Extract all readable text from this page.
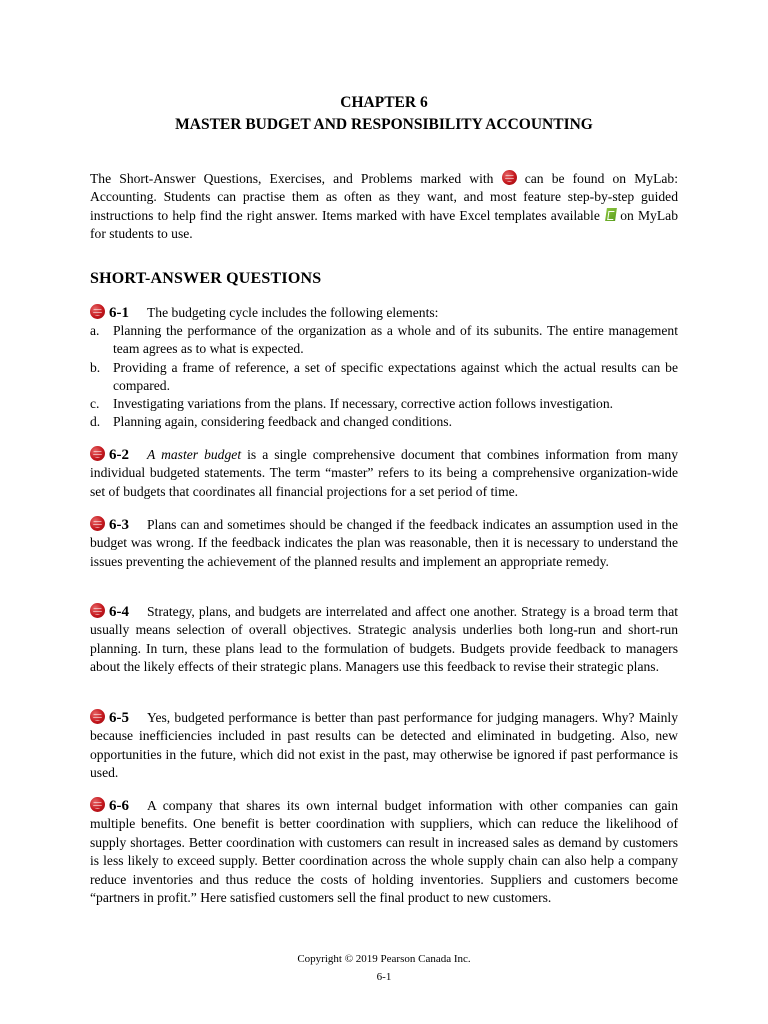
CHAPTER 6
MASTER BUDGET AND RESPONSIBILITY ACCOUNTING
The Short-Answer Questions, Exercises, and Problems marked with  can be found on MyLab: Accounting. Students can practise them as often as they want, and most feature step-by-step guided instructions to help find the right answer. Items marked with have Excel templates available  on MyLab for students to use.
SHORT-ANSWER QUESTIONS
6-1 The budgeting cycle includes the following elements:
a. Planning the performance of the organization as a whole and of its subunits. The entire management team agrees as to what is expected.
b. Providing a frame of reference, a set of specific expectations against which the actual results can be compared.
c. Investigating variations from the plans. If necessary, corrective action follows investigation.
d. Planning again, considering feedback and changed conditions.
6-2 A master budget is a single comprehensive document that combines information from many individual budgeted statements. The term “master” refers to its being a comprehensive organization-wide set of budgets that coordinates all financial projections for a set period of time.
6-3 Plans can and sometimes should be changed if the feedback indicates an assumption used in the budget was wrong. If the feedback indicates the plan was reasonable, then it is necessary to understand the issues preventing the achievement of the planned results and implement an appropriate remedy.
6-4 Strategy, plans, and budgets are interrelated and affect one another. Strategy is a broad term that usually means selection of overall objectives. Strategic analysis underlies both long-run and short-run planning. In turn, these plans lead to the formulation of budgets. Budgets provide feedback to managers about the likely effects of their strategic plans. Managers use this feedback to revise their strategic plans.
6-5 Yes, budgeted performance is better than past performance for judging managers. Why? Mainly because inefficiencies included in past results can be detected and eliminated in budgeting. Also, new opportunities in the future, which did not exist in the past, may otherwise be ignored if past performance is used.
6-6 A company that shares its own internal budget information with other companies can gain multiple benefits. One benefit is better coordination with suppliers, which can reduce the likelihood of supply shortages. Better coordination with customers can result in increased sales as demand by customers is less likely to exceed supply. Better coordination across the whole supply chain can also help a company reduce inventories and thus reduce the costs of holding inventories. Suppliers and customers become “partners in profit.” Here satisfied customers sell the final product to new customers.
Copyright © 2019 Pearson Canada Inc.
6-1
